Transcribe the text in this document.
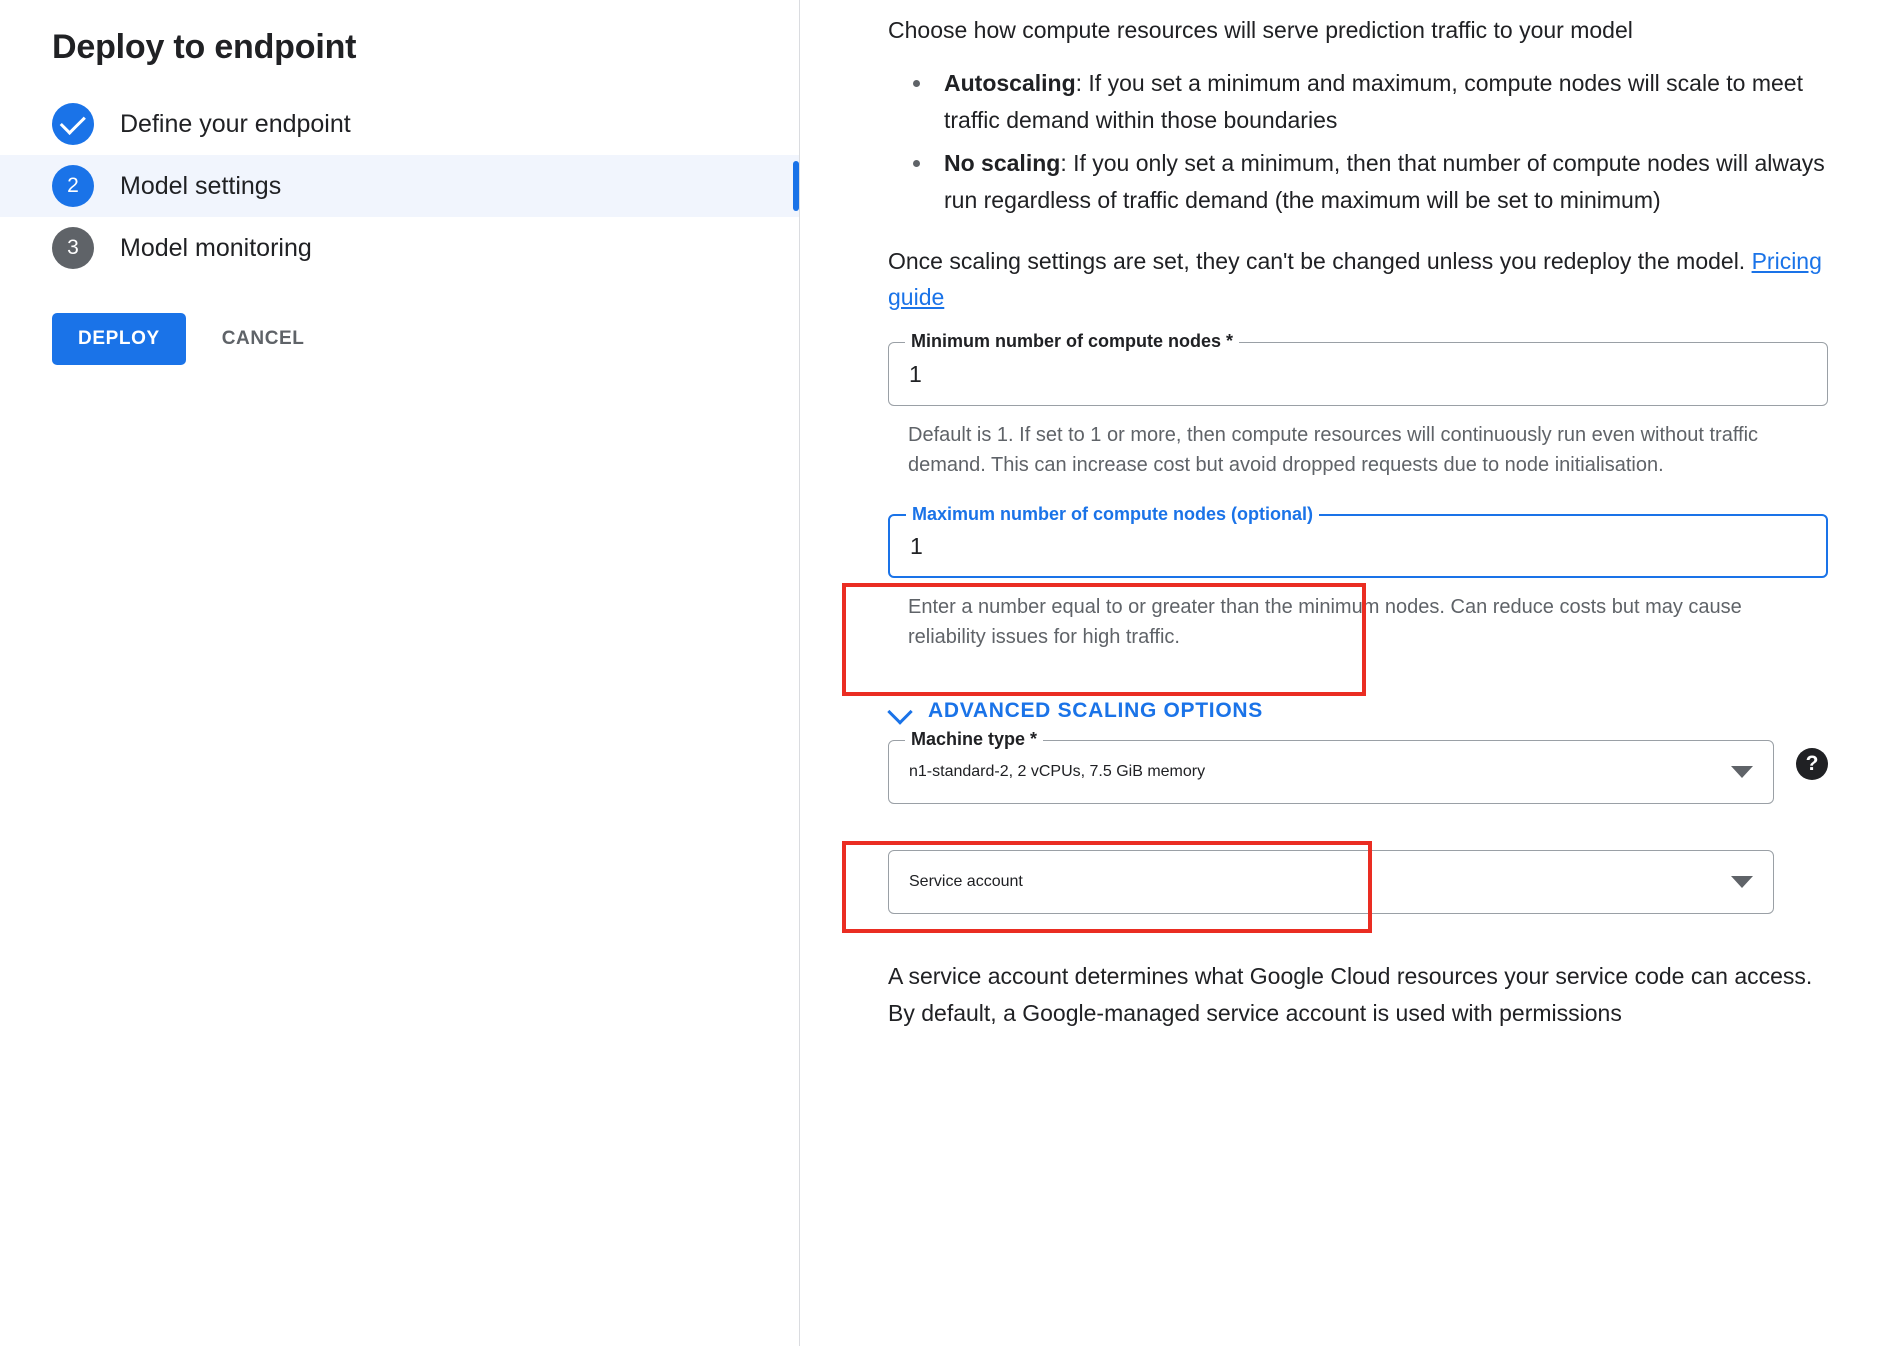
Deploy to endpoint
Define your endpoint
2	Model settings
3	Model monitoring
DEPLOY	CANCEL

Choose how compute resources will serve prediction traffic to your model

• Autoscaling: If you set a minimum and maximum, compute nodes will scale to meet traffic demand within those boundaries
• No scaling: If you only set a minimum, then that number of compute nodes will always run regardless of traffic demand (the maximum will be set to minimum)

Once scaling settings are set, they can't be changed unless you redeploy the model. Pricing guide

Minimum number of compute nodes *
1
Default is 1. If set to 1 or more, then compute resources will continuously run even without traffic demand. This can increase cost but avoid dropped requests due to node initialisation.
Maximum number of compute nodes (optional)
1
Enter a number equal to or greater than the minimum nodes. Can reduce costs but may cause reliability issues for high traffic.
ADVANCED SCALING OPTIONS
Machine type *
n1-standard-2, 2 vCPUs, 7.5 GiB memory	?
Service account
A service account determines what Google Cloud resources your service code can access. By default, a Google-managed service account is used with permissions
